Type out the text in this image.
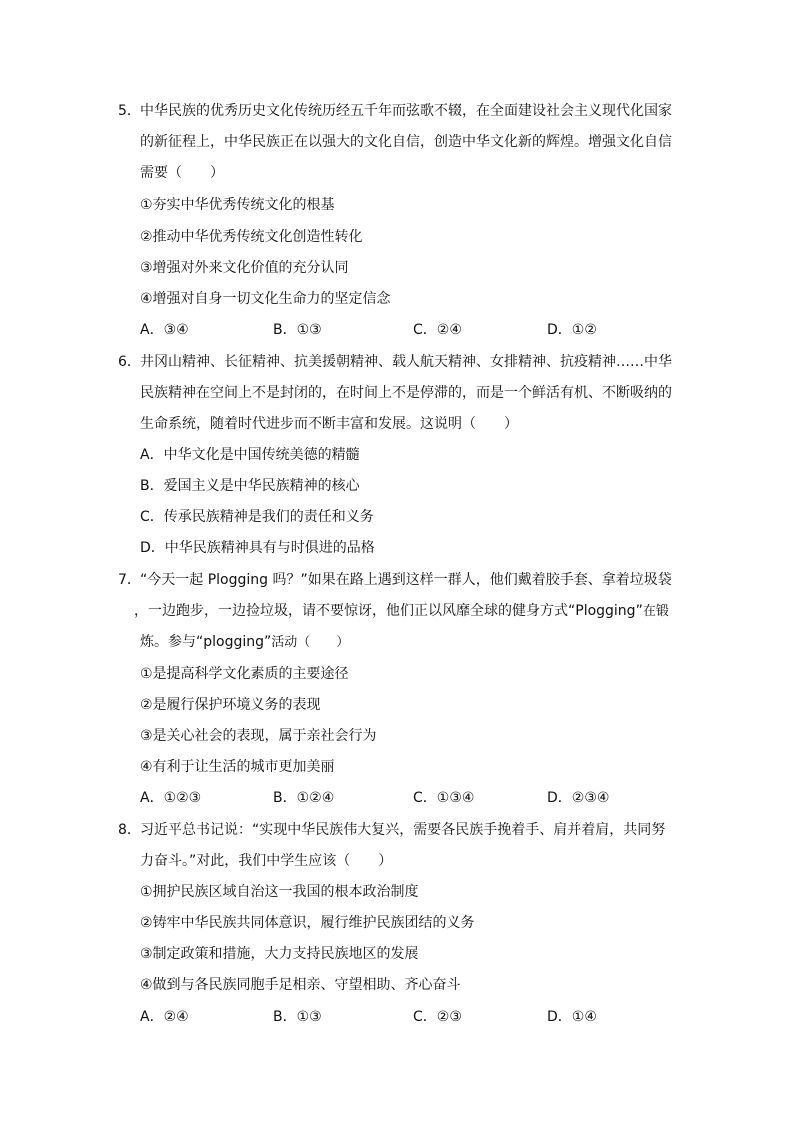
5． 中华民族的优秀历史文化传统历经五千年而弦歌不辍，在全面建设社会主义现代化国家
的新征程上，中华民族正在以强大的文化自信，创造中华文化新的辉煌。增强文化自信
需要（　　）
①夯实中华优秀传统文化的根基
②推动中华优秀传统文化创造性转化
③增强对外来文化价值的充分认同
④增强对自身一切文化生命力的坚定信念
A．③④	B．①③	C．②④	D．①②
6． 井冈山精神、长征精神、抗美援朝精神、载人航天精神、女排精神、抗疫精神……中华
民族精神在空间上不是封闭的，在时间上不是停滞的，而是一个鲜活有机、不断吸纳的
生命系统，随着时代进步而不断丰富和发展。这说明（　　）
A．中华文化是中国传统美德的精髓
B．爱国主义是中华民族精神的核心
C．传承民族精神是我们的责任和义务
D．中华民族精神具有与时俱进的品格
7． “今天一起 Plogging 吗？”如果在路上遇到这样一群人，他们戴着胶手套、拿着垃圾袋
，一边跑步，一边捡垃圾，请不要惊讶，他们正以风靡全球的健身方式“Plogging”在锻
炼。参与“plogging”活动（　　）
①是提高科学文化素质的主要途径
②是履行保护环境义务的表现
③是关心社会的表现，属于亲社会行为
④有利于让生活的城市更加美丽
A．①②③	B．①②④	C．①③④	D．②③④
8． 习近平总书记说：“实现中华民族伟大复兴，需要各民族手挽着手、肩并着肩，共同努
力奋斗。”对此，我们中学生应该（　　）
①拥护民族区域自治这一我国的根本政治制度
②铸牢中华民族共同体意识，履行维护民族团结的义务
③制定政策和措施，大力支持民族地区的发展
④做到与各民族同胞手足相亲、守望相助、齐心奋斗
A．②④	B．①③	C．②③	D．①④
